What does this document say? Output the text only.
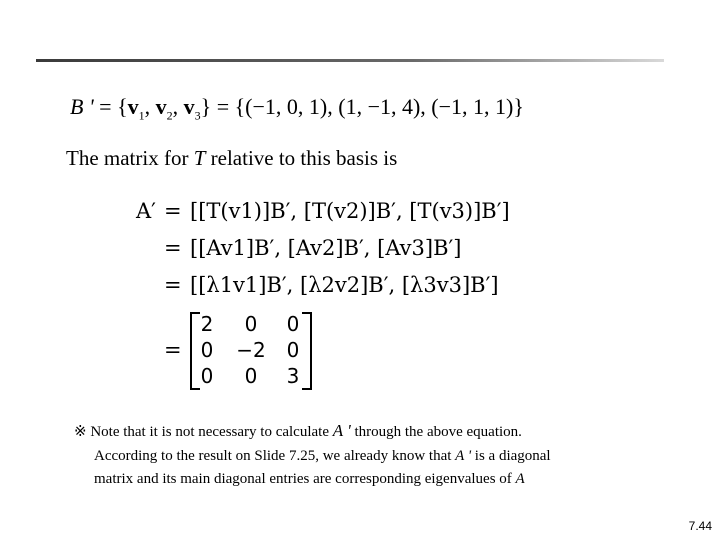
B ' = {$v_1$, $v_2$, $v_3\} = \{(-1$, 0, 1), (1, −1, 4), (−1, 1, 1)}
The matrix for T relative to this basis is
A′ = [[T(v1)]B′, [T(v2)]B′, [T(v3)]B′]
= [[Av1]B′, [Av2]B′, [Av3]B′]
= [[λ1v1]B′, [λ2v2]B′, [λ3v3]B′]
=
2	0	0
0	−2	0
0	0	3
※ Note that it is not necessary to calculate A ' through the above equation.
According to the result on Slide 7.25, we already know that A ' is a diagonal
matrix and its main diagonal entries are corresponding eigenvalues of A
7.44
